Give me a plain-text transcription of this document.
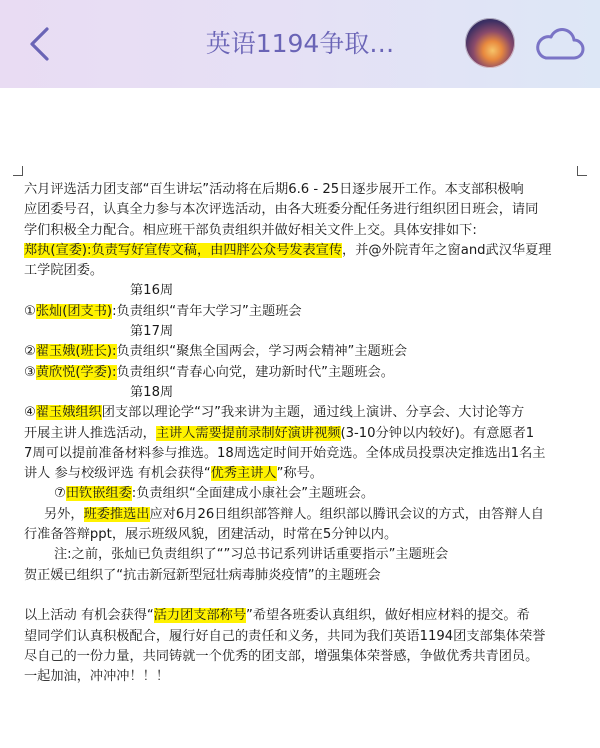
英语1194争取…

六月评选活力团支部“百生讲坛”活动将在后期6.6 - 25日逐步展开工作。本支部积极响

应团委号召，认真全力参与本次评选活动，由各大班委分配任务进行组织团日班会，请同

学们积极全力配合。相应班干部负责组织并做好相关文件上交。具体安排如下:

郑执(宣委):负责写好宣传文稿，由四胖公众号发表宣传，并@外院青年之窗and武汉华夏理

工学院团委。

第16周

①张灿(团支书):负责组织“青年大学习”主题班会

第17周

②翟玉娥(班长):负责组织“聚焦全国两会，学习两会精神”主题班会

③黄欣悦(学委):负责组织“青春心向党，建功新时代”主题班会。

第18周

④翟玉娥组织团支部以理论学“习”我来讲为主题，通过线上演讲、分享会、大讨论等方

开展主讲人推选活动，主讲人需要提前录制好演讲视频(3-10分钟以内较好)。有意愿者1

7周可以提前准备材料参与推选。18周选定时间开始竞选。全体成员投票决定推选出1名主

讲人 参与校级评选 有机会获得“优秀主讲人”称号。

⑦田钦嵌组委:负责组织“全面建成小康社会”主题班会。

另外，班委推选出应对6月26日组织部答辩人。组织部以腾讯会议的方式，由答辩人自

行准备答辩ppt，展示班级风貌，团建活动，时常在5分钟以内。

注:之前，张灿已负责组织了“”习总书记系列讲话重要指示”主题班会

贺正媛已组织了“抗击新冠新型冠壮病毒肺炎疫情”的主题班会

以上活动 有机会获得“活力团支部称号”希望各班委认真组织，做好相应材料的提交。希

望同学们认真积极配合，履行好自己的责任和义务，共同为我们英语1194团支部集体荣誉

尽自己的一份力量，共同铸就一个优秀的团支部，增强集体荣誉感，争做优秀共青团员。

一起加油，冲冲冲！！！
